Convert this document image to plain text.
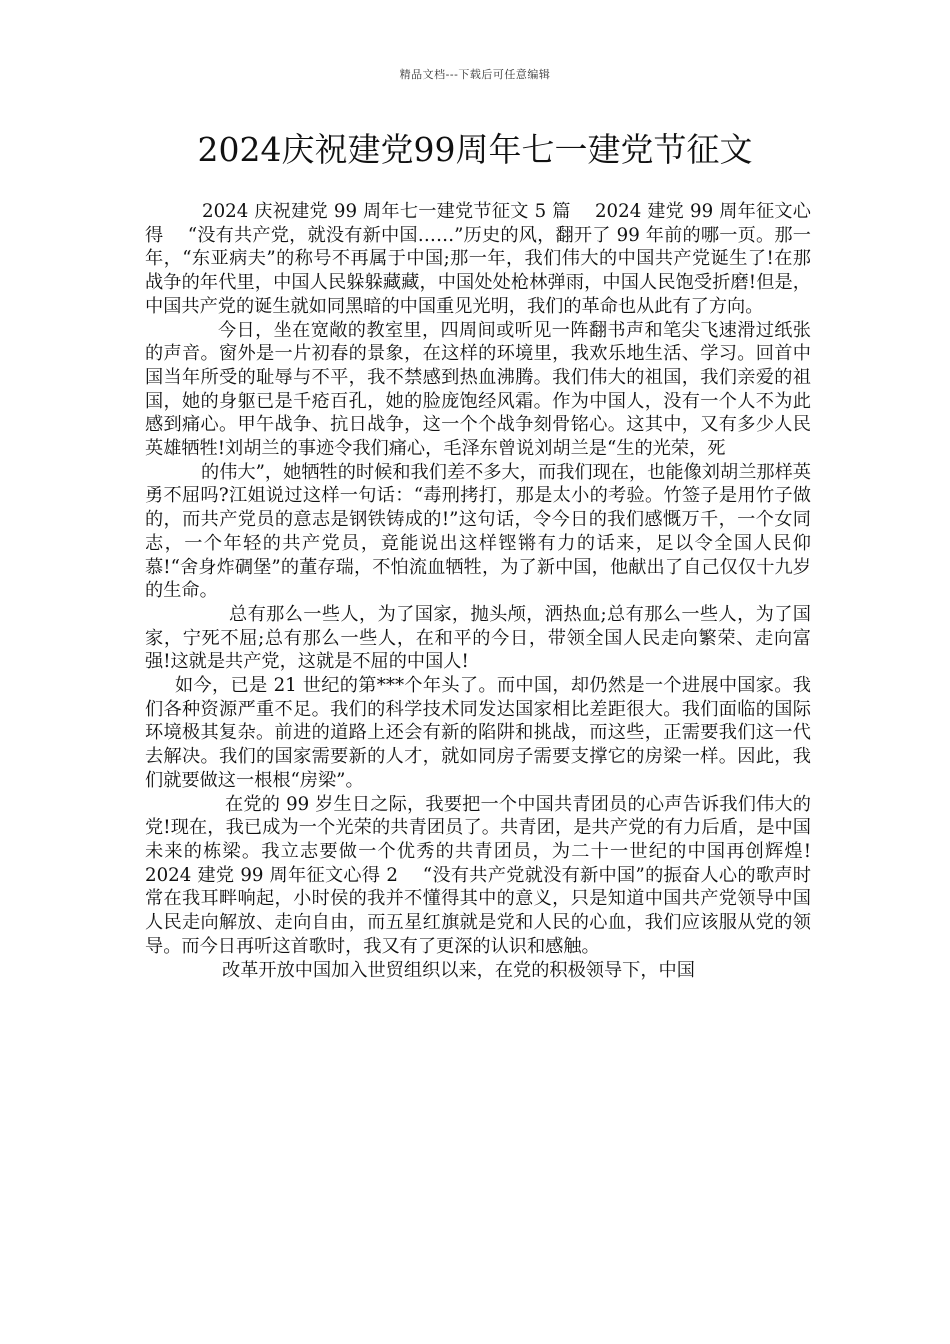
精品文档---下载后可任意编辑
2024庆祝建党99周年七一建党节征文

2024 庆祝建党 99 周年七一建党节征文 5 篇　 2024 建党 99 周年征文心得　 “没有共产党，就没有新中国……”历史的风，翻开了 99 年前的哪一页。那一年，“东亚病夫”的称号不再属于中国;那一年，我们伟大的中国共产党诞生了!在那战争的年代里，中国人民躲躲藏藏，中国处处枪林弹雨，中国人民饱受折磨!但是，中国共产党的诞生就如同黑暗的中国重见光明，我们的革命也从此有了方向。

今日，坐在宽敞的教室里，四周间或听见一阵翻书声和笔尖飞速滑过纸张的声音。窗外是一片初春的景象，在这样的环境里，我欢乐地生活、学习。回首中国当年所受的耻辱与不平，我不禁感到热血沸腾。我们伟大的祖国，我们亲爱的祖国，她的身躯已是千疮百孔，她的脸庞饱经风霜。作为中国人，没有一个人不为此感到痛心。甲午战争、抗日战争，这一个个战争刻骨铭心。这其中，又有多少人民英雄牺牲!刘胡兰的事迹令我们痛心，毛泽东曾说刘胡兰是“生的光荣，死

的伟大”，她牺牲的时候和我们差不多大，而我们现在，也能像刘胡兰那样英勇不屈吗?江姐说过这样一句话：“毒刑拷打，那是太小的考验。竹签子是用竹子做的，而共产党员的意志是钢铁铸成的!”这句话，令今日的我们感慨万千，一个女同志，一个年轻的共产党员，竟能说出这样铿锵有力的话来，足以令全国人民仰慕!“舍身炸碉堡”的董存瑞，不怕流血牺牲，为了新中国，他献出了自己仅仅十九岁的生命。

总有那么一些人，为了国家，抛头颅，洒热血;总有那么一些人，为了国家，宁死不屈;总有那么一些人，在和平的今日，带领全国人民走向繁荣、走向富强!这就是共产党，这就是不屈的中国人!

如今，已是 21 世纪的第***个年头了。而中国，却仍然是一个进展中国家。我们各种资源严重不足。我们的科学技术同发达国家相比差距很大。我们面临的国际环境极其复杂。前进的道路上还会有新的陷阱和挑战，而这些，正需要我们这一代去解决。我们的国家需要新的人才，就如同房子需要支撑它的房梁一样。因此，我们就要做这一根根“房梁”。

在党的 99 岁生日之际，我要把一个中国共青团员的心声告诉我们伟大的党!现在，我已成为一个光荣的共青团员了。共青团，是共产党的有力后盾，是中国未来的栋梁。我立志要做一个优秀的共青团员，为二十一世纪的中国再创辉煌!　 2024 建党 99 周年征文心得 2　 “没有共产党就没有新中国”的振奋人心的歌声时常在我耳畔响起，小时侯的我并不懂得其中的意义，只是知道中国共产党领导中国人民走向解放、走向自由，而五星红旗就是党和人民的心血，我们应该服从党的领导。而今日再听这首歌时，我又有了更深的认识和感触。

改革开放中国加入世贸组织以来，在党的积极领导下，中国
